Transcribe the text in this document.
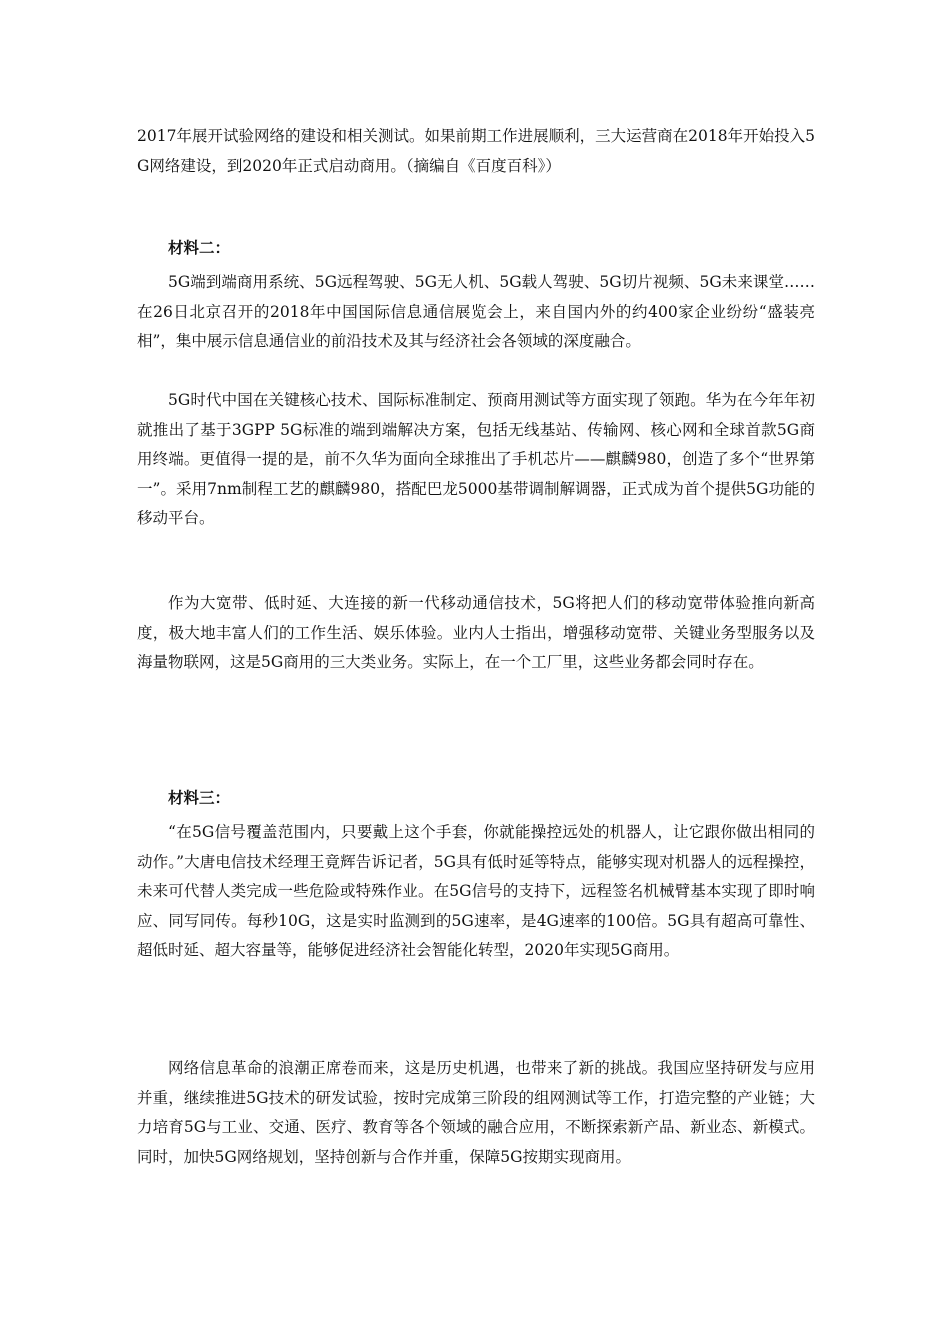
2017年展开试验网络的建设和相关测试。如果前期工作进展顺利，三大运营商在2018年开始投入5G网络建设，到2020年正式启动商用。（摘编自《百度百科》）

材料二：

5G端到端商用系统、5G远程驾驶、5G无人机、5G载人驾驶、5G切片视频、5G未来课堂……在26日北京召开的2018年中国国际信息通信展览会上，来自国内外的约400家企业纷纷“盛装亮相”，集中展示信息通信业的前沿技术及其与经济社会各领域的深度融合。

5G时代中国在关键核心技术、国际标准制定、预商用测试等方面实现了领跑。华为在今年年初就推出了基于3GPP 5G标准的端到端解决方案，包括无线基站、传输网、核心网和全球首款5G商用终端。更值得一提的是，前不久华为面向全球推出了手机芯片——麒麟980，创造了多个“世界第一”。采用7nm制程工艺的麒麟980，搭配巴龙5000基带调制解调器，正式成为首个提供5G功能的移动平台。

作为大宽带、低时延、大连接的新一代移动通信技术，5G将把人们的移动宽带体验推向新高度，极大地丰富人们的工作生活、娱乐体验。业内人士指出，增强移动宽带、关键业务型服务以及海量物联网，这是5G商用的三大类业务。实际上，在一个工厂里，这些业务都会同时存在。

材料三：

“在5G信号覆盖范围内，只要戴上这个手套，你就能操控远处的机器人，让它跟你做出相同的动作。”大唐电信技术经理王竟辉告诉记者，5G具有低时延等特点，能够实现对机器人的远程操控，未来可代替人类完成一些危险或特殊作业。在5G信号的支持下，远程签名机械臂基本实现了即时响应、同写同传。每秒10G，这是实时监测到的5G速率，是4G速率的100倍。5G具有超高可靠性、超低时延、超大容量等，能够促进经济社会智能化转型，2020年实现5G商用。

网络信息革命的浪潮正席卷而来，这是历史机遇，也带来了新的挑战。我国应坚持研发与应用并重，继续推进5G技术的研发试验，按时完成第三阶段的组网测试等工作，打造完整的产业链；大力培育5G与工业、交通、医疗、教育等各个领域的融合应用，不断探索新产品、新业态、新模式。同时，加快5G网络规划，坚持创新与合作并重，保障5G按期实现商用。
